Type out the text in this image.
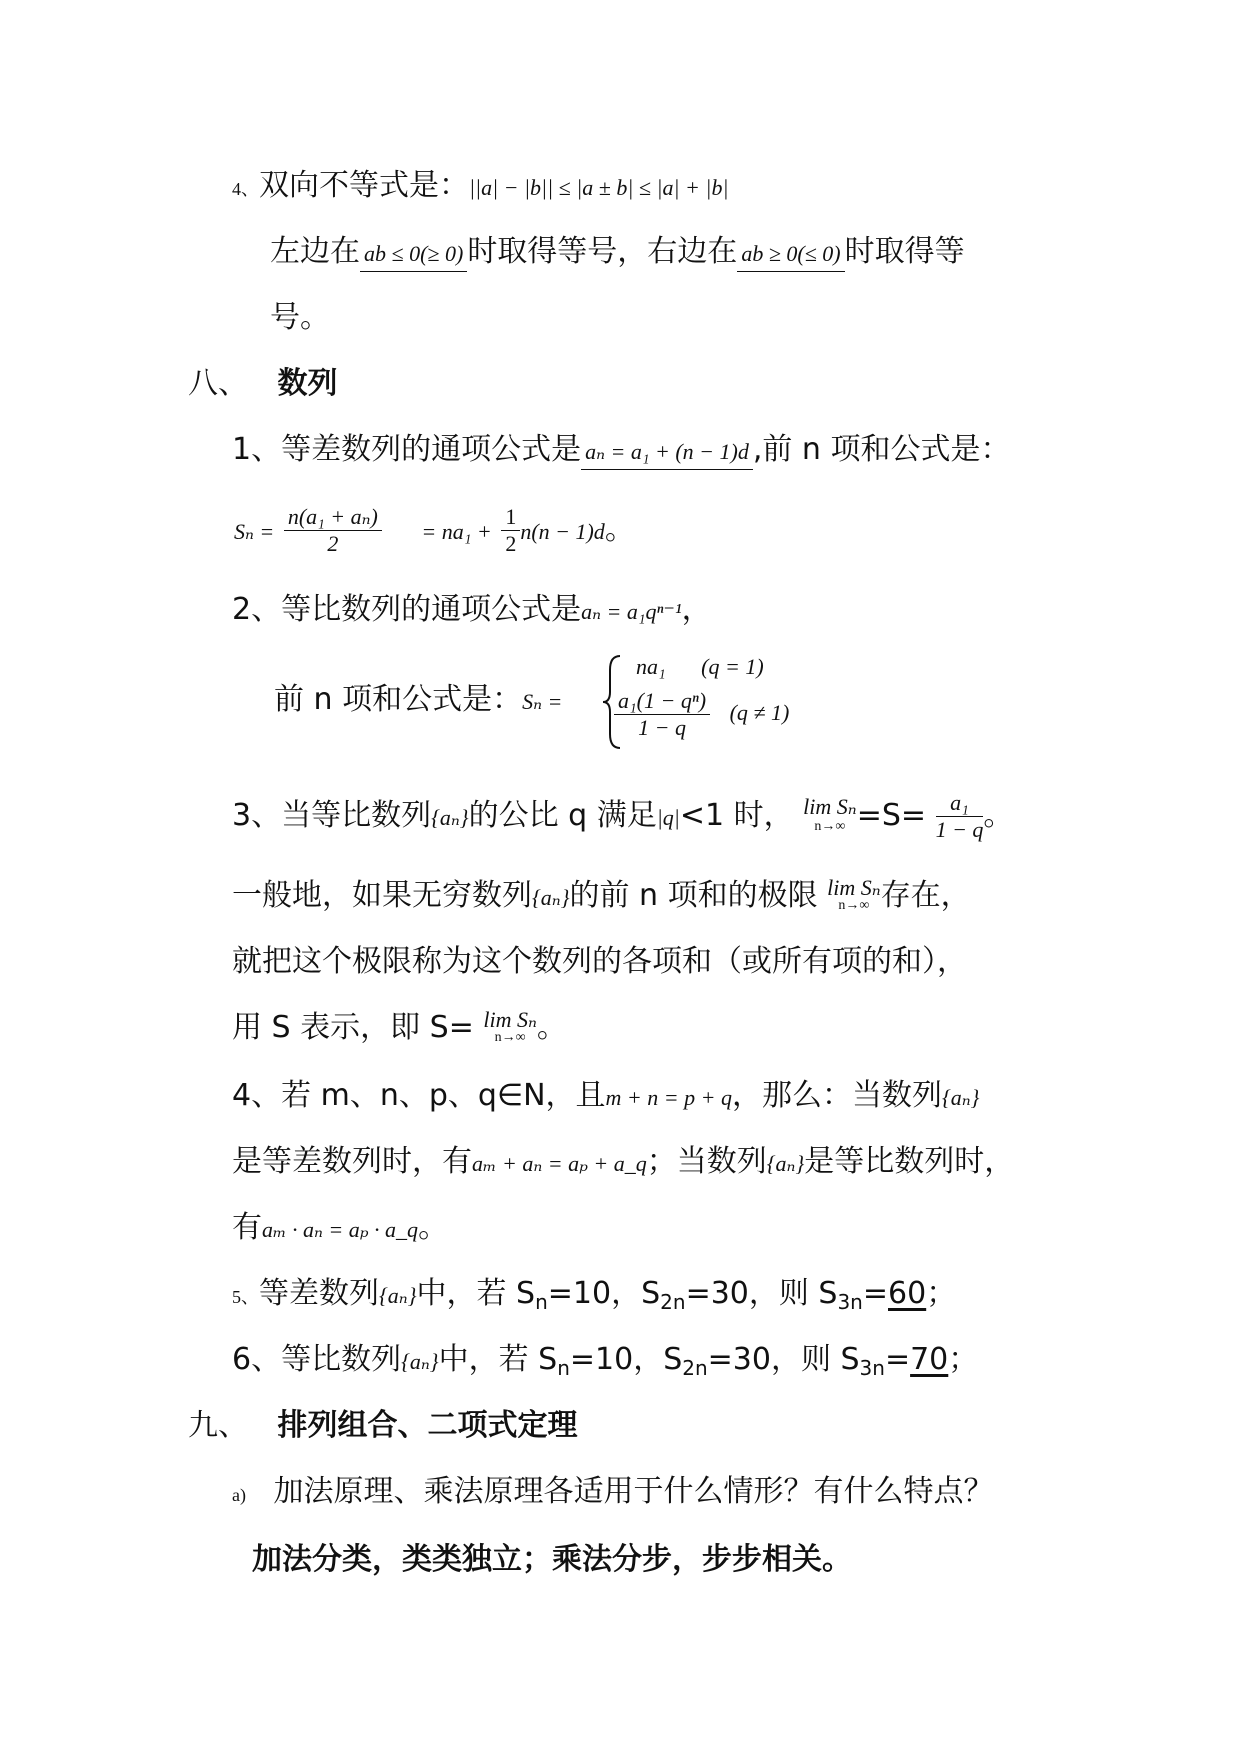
4、双向不等式是：||a| − |b|| ≤ |a ± b| ≤ |a| + |b|
左边在 ab ≤ 0(≥ 0) 时取得等号，右边在 ab ≥ 0(≤ 0) 时取得等
号。
八、 数列
1、等差数列的通项公式是 aₙ = a₁ + (n − 1)d ,前 n 项和公式是：
$S_n = \frac{\text{n(a₁ + aₙ)}}{2} = na_1 + \frac{1}{2} n(n - 1)d$。
2、等比数列的通项公式是aₙ = a₁qⁿ⁻¹，
前 n 项和公式是：Sₙ =
na₁ (q = 1)
$\frac{\text{a₁(1 − qⁿ)}}{1 - q} (q \ne 1)$
3、当等比数列{aₙ}的公比 q 满足|q|<1 时， lim Sₙ
$n\to\infty =S= \frac{\text{a₁}}{1 - q}$ 。
一般地，如果无穷数列{aₙ}的前 n 项和的极限 lim Sₙ
n→∞ 存在，
就把这个极限称为这个数列的各项和（或所有项的和），
用 S 表示，即 S= lim Sₙ
n→∞ 。
4、若 m、n、p、q∈N，且m + n = p + q，那么：当数列{aₙ}
是等差数列时，有aₘ + aₙ = aₚ + a_q；当数列{aₙ}是等比数列时，
有aₘ · aₙ = aₚ · a_q。
5、等差数列{aₙ}中，若 $S_n=10$，$S_{2n}=30$，则 $S_{3n}=60$；
6、等比数列{aₙ}中，若 $S_n=10$，$S_{2n}=30$，则 $S_{3n}=70$；
九、 排列组合、二项式定理
a) 加法原理、乘法原理各适用于什么情形？有什么特点？
加法分类，类类独立；乘法分步，步步相关。
